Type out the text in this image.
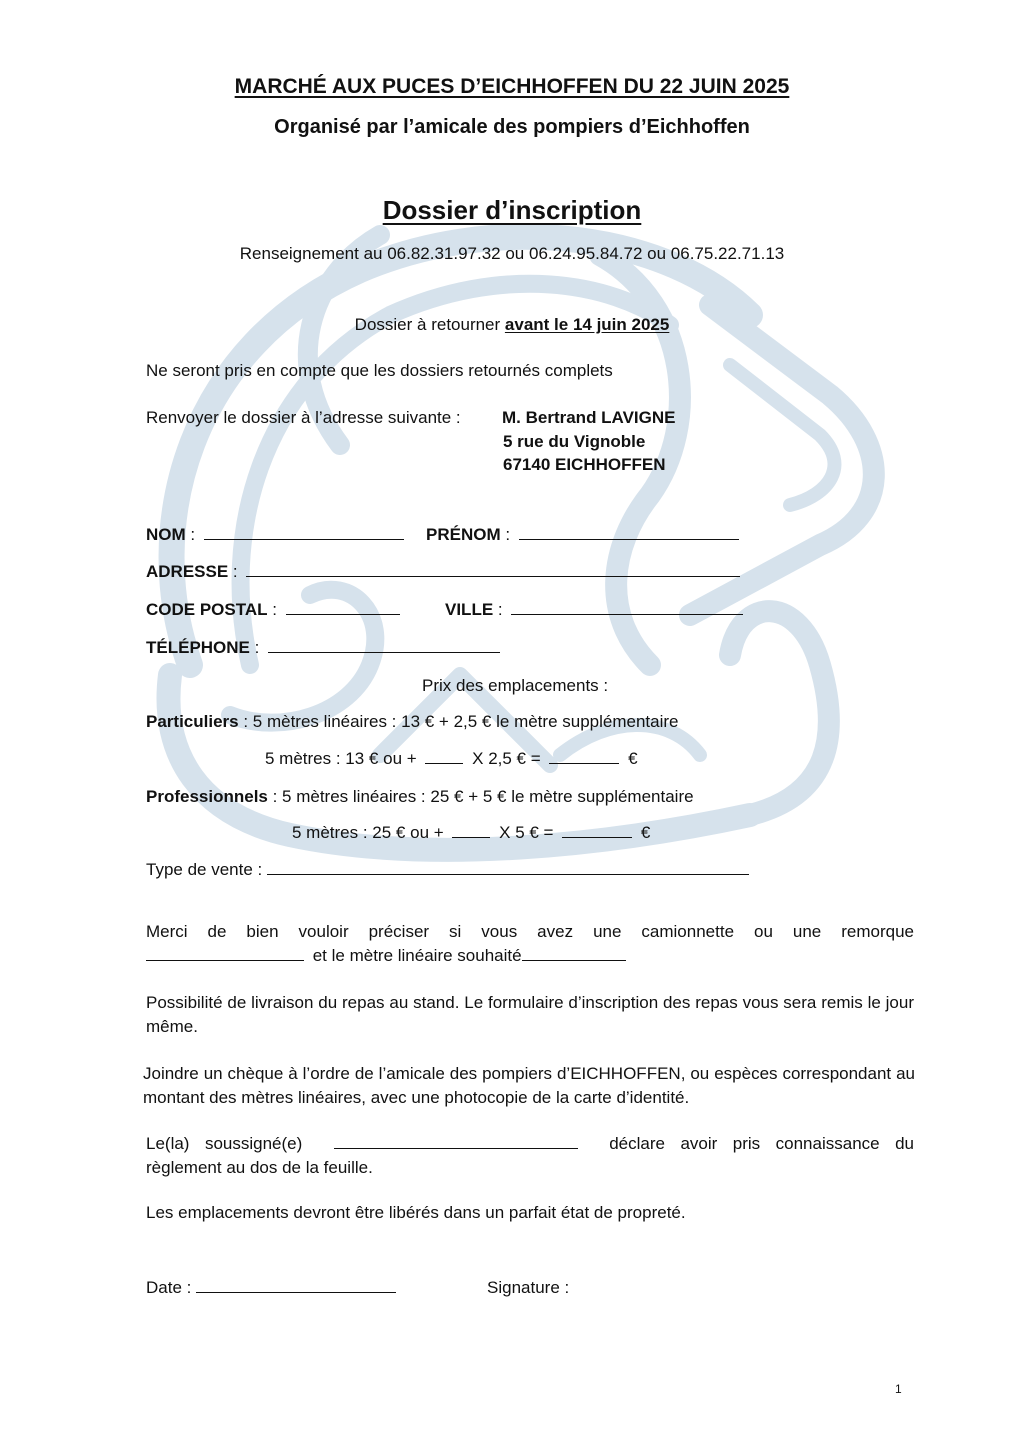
MARCHÉ AUX PUCES D’EICHHOFFEN DU 22 JUIN 2025
Organisé par l’amicale des pompiers d’Eichhoffen
Dossier d’inscription
Renseignement au 06.82.31.97.32 ou 06.24.95.84.72 ou 06.75.22.71.13
Dossier à retourner avant le 14 juin 2025
Ne seront pris en compte que les dossiers retournés complets
Renvoyer le dossier à l’adresse suivante : M. Bertrand LAVIGNE
5 rue du Vignoble
67140 EICHHOFFEN
NOM :	PRÉNOM :
ADRESSE :
CODE POSTAL :	VILLE :
TÉLÉPHONE :
Prix des emplacements :
Particuliers : 5 mètres linéaires : 13 € + 2,5 € le mètre supplémentaire
5 mètres : 13 € ou +	X 2,5 € =	€
Professionnels : 5 mètres linéaires : 25 € + 5 € le mètre supplémentaire
5 mètres : 25 € ou +	X 5 € =	€
Type de vente :
Merci de bien vouloir préciser si vous avez une camionnette ou une remorque
et le mètre linéaire souhaité
Possibilité de livraison du repas au stand. Le formulaire d’inscription des repas vous sera remis le jour même.
Joindre un chèque à l’ordre de l’amicale des pompiers d’EICHHOFFEN, ou espèces correspondant au montant des mètres linéaires, avec une photocopie de la carte d’identité.
Le(la) soussigné(e)	déclare avoir pris connaissance du règlement au dos de la feuille.
Les emplacements devront être libérés dans un parfait état de propreté.
Date :	Signature :
1
